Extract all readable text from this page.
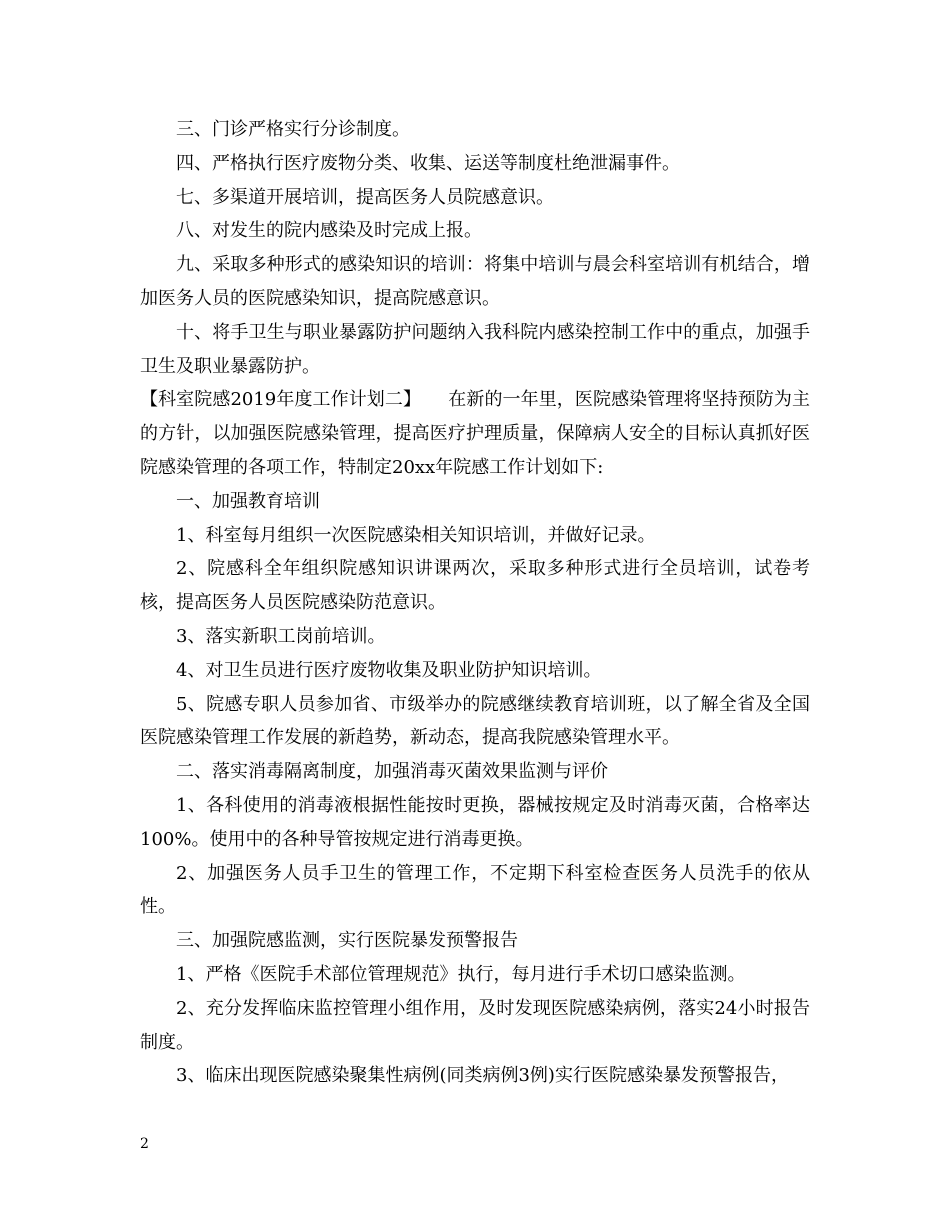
三、门诊严格实行分诊制度。

四、严格执行医疗废物分类、收集、运送等制度杜绝泄漏事件。

七、多渠道开展培训，提高医务人员院感意识。

八、对发生的院内感染及时完成上报。

九、采取多种形式的感染知识的培训：将集中培训与晨会科室培训有机结合，增加医务人员的医院感染知识，提高院感意识。

十、将手卫生与职业暴露防护问题纳入我科院内感染控制工作中的重点，加强手卫生及职业暴露防护。

【科室院感2019年度工作计划二】　　在新的一年里，医院感染管理将坚持预防为主的方针，以加强医院感染管理，提高医疗护理质量，保障病人安全的目标认真抓好医院感染管理的各项工作，特制定20xx年院感工作计划如下:

一、加强教育培训

1、科室每月组织一次医院感染相关知识培训，并做好记录。

2、院感科全年组织院感知识讲课两次，采取多种形式进行全员培训，试卷考核，提高医务人员医院感染防范意识。

3、落实新职工岗前培训。

4、对卫生员进行医疗废物收集及职业防护知识培训。

5、院感专职人员参加省、市级举办的院感继续教育培训班，以了解全省及全国医院感染管理工作发展的新趋势，新动态，提高我院感染管理水平。

二、落实消毒隔离制度，加强消毒灭菌效果监测与评价

1、各科使用的消毒液根据性能按时更换，器械按规定及时消毒灭菌，合格率达100%。使用中的各种导管按规定进行消毒更换。

2、加强医务人员手卫生的管理工作，不定期下科室检查医务人员洗手的依从性。

三、加强院感监测，实行医院暴发预警报告

1、严格《医院手术部位管理规范》执行，每月进行手术切口感染监测。

2、充分发挥临床监控管理小组作用，及时发现医院感染病例，落实24小时报告制度。

3、临床出现医院感染聚集性病例(同类病例3例)实行医院感染暴发预警报告，

2
